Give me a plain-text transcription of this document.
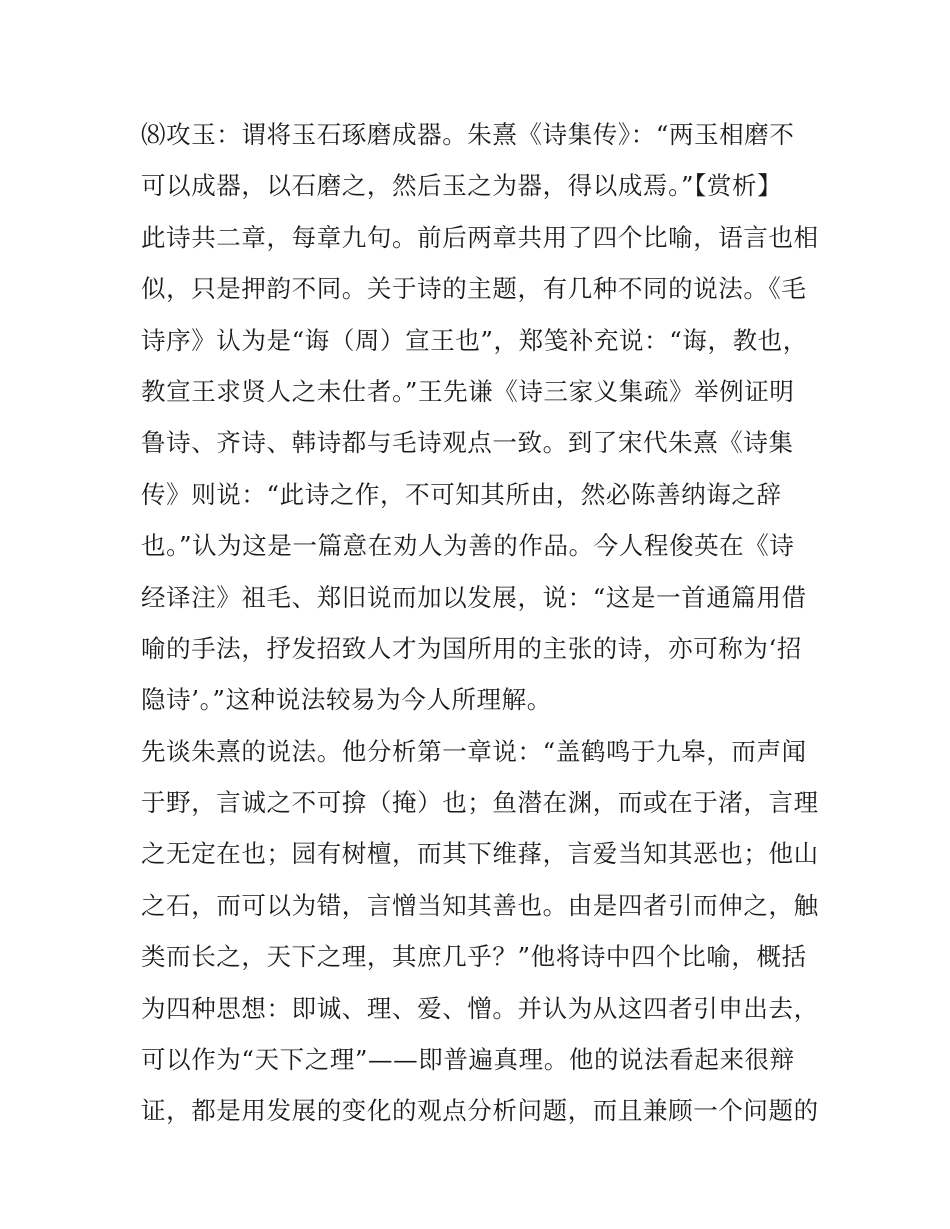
⑻攻玉：谓将玉石琢磨成器。朱熹《诗集传》：“两玉相磨不
可以成器，以石磨之，然后玉之为器，得以成焉。”【赏析】
此诗共二章，每章九句。前后两章共用了四个比喻，语言也相
似，只是押韵不同。关于诗的主题，有几种不同的说法。《毛
诗序》认为是“诲（周）宣王也”，郑笺补充说：“诲，教也，
教宣王求贤人之未仕者。”王先谦《诗三家义集疏》举例证明
鲁诗、齐诗、韩诗都与毛诗观点一致。到了宋代朱熹《诗集
传》则说：“此诗之作，不可知其所由，然必陈善纳诲之辞
也。”认为这是一篇意在劝人为善的作品。今人程俊英在《诗
经译注》祖毛、郑旧说而加以发展，说：“这是一首通篇用借
喻的手法，抒发招致人才为国所用的主张的诗，亦可称为‘招
隐诗’。”这种说法较易为今人所理解。
先谈朱熹的说法。他分析第一章说：“盖鹤鸣于九皋，而声闻
于野，言诚之不可揜（掩）也；鱼潜在渊，而或在于渚，言理
之无定在也；园有树檀，而其下维萚，言爱当知其恶也；他山
之石，而可以为错，言憎当知其善也。由是四者引而伸之，触
类而长之，天下之理，其庶几乎？”他将诗中四个比喻，概括
为四种思想：即诚、理、爱、憎。并认为从这四者引申出去，
可以作为“天下之理”——即普遍真理。他的说法看起来很辩
证，都是用发展的变化的观点分析问题，而且兼顾一个问题的
